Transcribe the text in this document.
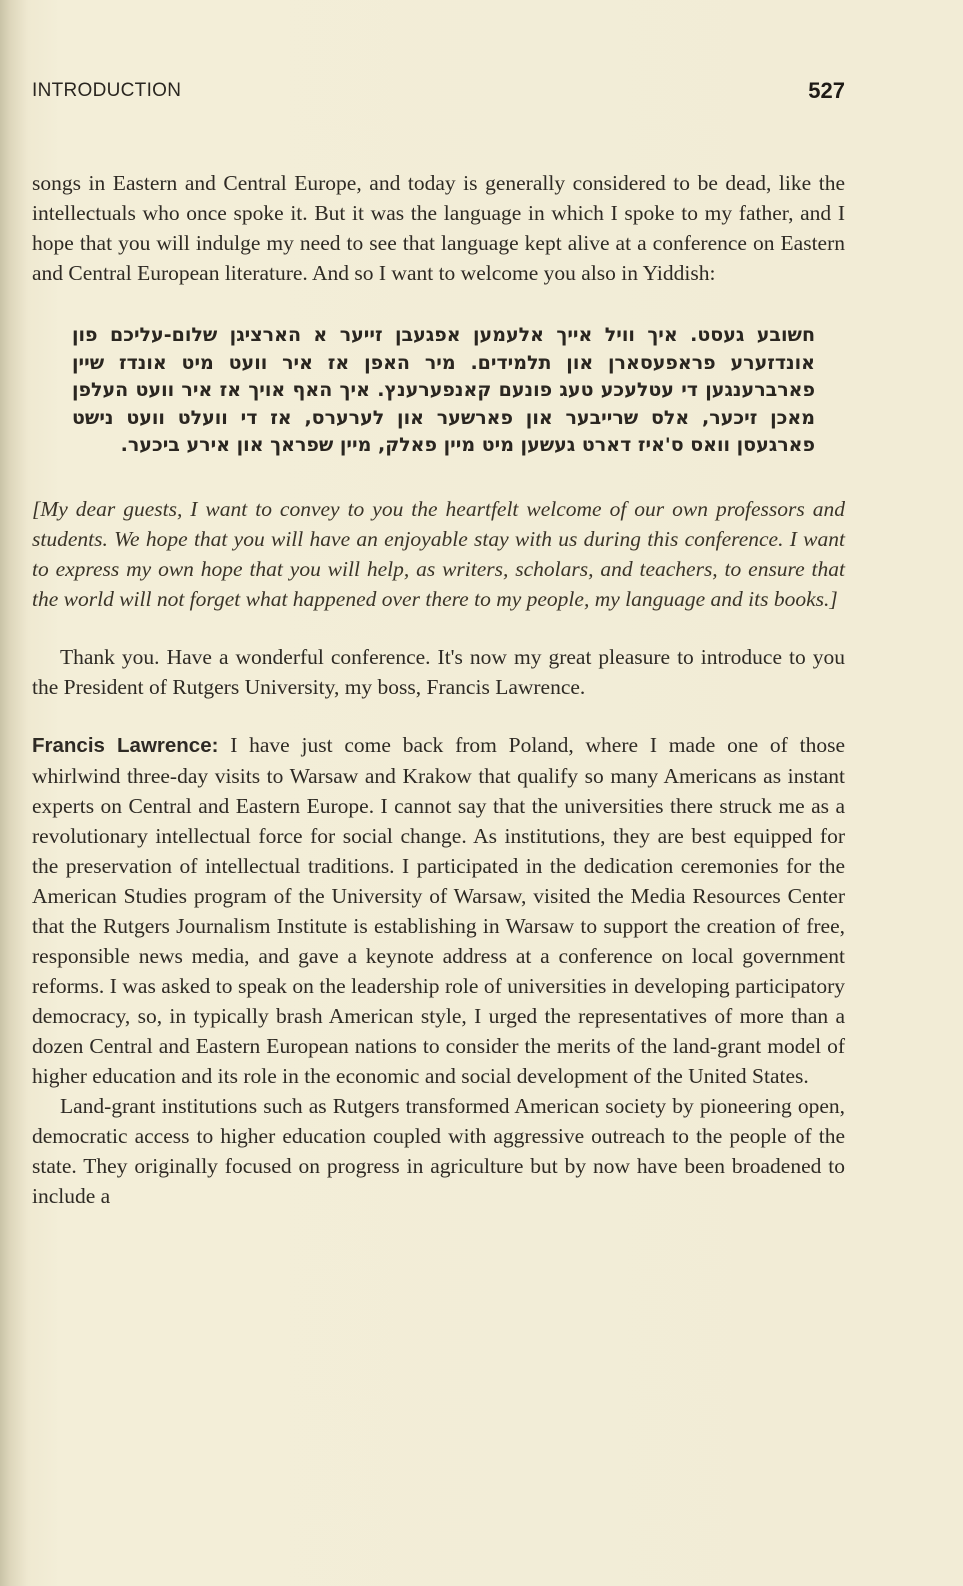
INTRODUCTION	527

songs in Eastern and Central Europe, and today is generally considered to be dead, like the intellectuals who once spoke it. But it was the language in which I spoke to my father, and I hope that you will indulge my need to see that language kept alive at a conference on Eastern and Central European literature. And so I want to welcome you also in Yiddish:

חשובע געסט. איך וויל אייך אלעמען אפגעבן זייער א הארציגן שלום-עליכם פון אונדזערע פראפעסארן און תלמידים. מיר האפן אז איר וועט מיט אונדז שיין פארברענגען די עטלעכע טעג פונעם קאנפערענץ. איך האף אויך אז איר וועט העלפן מאכן זיכער, אלס שרייבער און פארשער און לערערס, אז די וועלט וועט נישט פארגעסן וואס ס'איז דארט געשען מיט מיין פאלק, מיין שפראך און אירע ביכער.

[My dear guests, I want to convey to you the heartfelt welcome of our own professors and students. We hope that you will have an enjoyable stay with us during this conference. I want to express my own hope that you will help, as writers, scholars, and teachers, to ensure that the world will not forget what happened over there to my people, my language and its books.]

Thank you. Have a wonderful conference. It's now my great pleasure to introduce to you the President of Rutgers University, my boss, Francis Lawrence.

Francis Lawrence: I have just come back from Poland, where I made one of those whirlwind three-day visits to Warsaw and Krakow that qualify so many Americans as instant experts on Central and Eastern Europe. I cannot say that the universities there struck me as a revolutionary intellectual force for social change. As institutions, they are best equipped for the preservation of intellectual traditions. I participated in the dedication ceremonies for the American Studies program of the University of Warsaw, visited the Media Resources Center that the Rutgers Journalism Institute is establishing in Warsaw to support the creation of free, responsible news media, and gave a keynote address at a conference on local government reforms. I was asked to speak on the leadership role of universities in developing participatory democracy, so, in typically brash American style, I urged the representatives of more than a dozen Central and Eastern European nations to consider the merits of the land-grant model of higher education and its role in the economic and social development of the United States.

Land-grant institutions such as Rutgers transformed American society by pioneering open, democratic access to higher education coupled with aggressive outreach to the people of the state. They originally focused on progress in agriculture but by now have been broadened to include a
